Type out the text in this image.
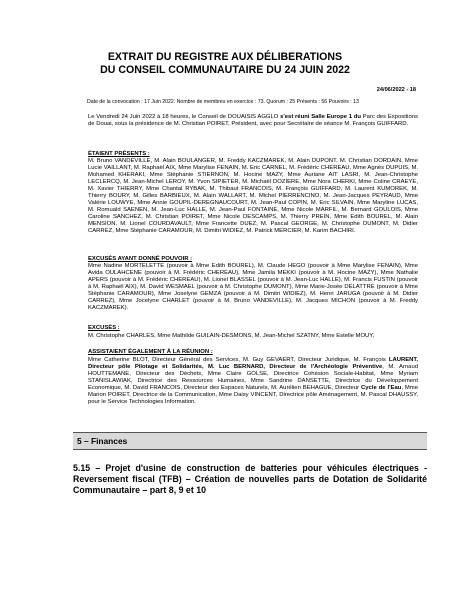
EXTRAIT DU REGISTRE AUX DÉLIBERATIONS
DU CONSEIL COMMUNAUTAIRE DU 24 JUIN 2022
24/06/2022 - 18
Date de la convocation : 17 Juin 2022. Nombre de membres en exercice : 73. Quorum : 25 Présents : 56 Pouvoirs : 13
Le Vendredi 24 Juin 2022 à 18 heures, le Conseil de DOUAISIS AGGLO s'est réuni Salle Europe 1 du Parc des Expositions de Douai, sous la présidence de M. Christian POIRET, Président, avec pour Secrétaire de séance M. François GUIFFARD.
ÉTAIENT PRÉSENTS :
M. Bruno VANDEVILLE, M. Alain BOULANGER, M. Freddy KACZMAREK, M. Alain DUPONT, M. Christian DORDAIN, Mme Lucie VAILLANT, M. Raphaël AIX, Mme Marylise FENAIN, M. Eric CARNEL, M. Frédéric CHEREAU, Mme Agnès DUPUIS, M. Mohamed KHERAKI, Mme Stéphanie STIERNON, M. Hocine MAZY, Mme Auriane AIT LASRI, M. Jean-Christophe LECLERCQ, M. Jean-Michel LEROY, M. Yvon SIPIETER, M. Michaël DOZIERE, Mme Nora CHERKI, Mme Coline CRAEYE, M. Xavier THIERRY, Mme Chantal RYBAK, M. Thibaut FRANCOIS, M. François GUIFFARD, M. Laurent KUMOREK, M. Thierry BOURY, M. Gilles BARBIEUX, M. Alain WALLART, M. Michel PIERRENCINO, M. Jean-Jacques PEYRAUD, Mme Valérie LOUWYE, Mme Annie GOUPIL-DEREGNAUCOURT, M. Jean-Paul COPIN, M. Eric SILVAIN, Mme Maryline LUCAS, M. Romuald SAENEN, M. Jean-Luc HALLE, M. Jean-Paul FONTAINE, Mme Nicole MARFIL, M. Bernard GOULOIS, Mme Caroline SANCHEZ, M. Christian POIRET, Mme Nicole DESCAMPS, M. Thierry PREIN, Mme Edith BOUREL, M. Alain MENSION, M. Lionel COURDAVAULT, Mme Francette DUEZ, M. Pascal GEORGE, M. Christophe DUMONT, M. Didier CARREZ, Mme Stéphanie CARAMOUR, M. Dimitri WIDIEZ, M. Patrick MERCIER, M. Karim BACHIRI.
EXCUSÉS AYANT DONNÉ POUVOIR :
Mme Nadine MORTELETTE (pouvoir à Mme Edith BOUREL), M. Claude HEGO (pouvoir à Mme Marylise FENAIN), Mme Avida OULAHCENE (pouvoir à M. Frédéric CHEREAU), Mme Jamila MEKKI (pouvoir à M. Hocine MAZY), Mme Nathalie APERS (pouvoir à M. Frédéric CHEREAU), M. Lionel BLASSEL (pouvoir à M. Jean-Luc HALLE), M. Francis FUSTIN (pouvoir à M. Raphaël AIX), M. David WESMAEL (pouvoir à M. Christophe DUMONT), Mme Marie-Josée DELATTRE (pouvoir à Mme Stéphanie CARAMOUR), Mme Joselyne GEMZA (pouvoir à M. Dimitri WIDIEZ), M. Henri JARUGA (pouvoir à M. Didier CARREZ), Mme Jocelyne CHARLET (pouvoir à M. Bruno VANDEVILLE), M. Jacques MICHON (pouvoir à M. Freddy KACZMAREK).
EXCUSÉS :
M. Christophe CHARLES, Mme Mathilde GUILAIN-DESMONS, M. Jean-Michel SZATNY, Mme Estelle MOUY,
ASSISTAIENT ÉGALEMENT À LA RÉUNION :
Mme Catherine BLOT, Directeur Général des Services, M. Guy GEVAERT, Directeur Juridique, M. François LAURENT, Directeur pôle Pilotage et Solidarités, M. Luc BERNARD, Directeur de l'Archéologie Préventive, M. Arnaud HOUTTEMANE, Directeur des Déchets, Mme Claire GOLSE, Directrice Cohésion Sociale-Habitat, Mme Myriam STANISLAWIAK, Directrice des Ressources Humaines, Mme Sandrine DANSETTE, Directrice du Développement Economique, M. David FRANCOIS, Directeur des Espaces Naturels, M. Aurélien BEHAGUE, Directeur Cycle de l'Eau, Mme Marion POIRET, Directrice de la Communication, Mme Daisy VINCENT, Directrice pôle Aménagement, M. Pascal DHAUSSY, pour le Service Technologies Information.
5 – Finances
5.15 – Projet d'usine de construction de batteries pour véhicules électriques - Reversement fiscal (TFB) – Création de nouvelles parts de Dotation de Solidarité Communautaire – part 8, 9 et 10
